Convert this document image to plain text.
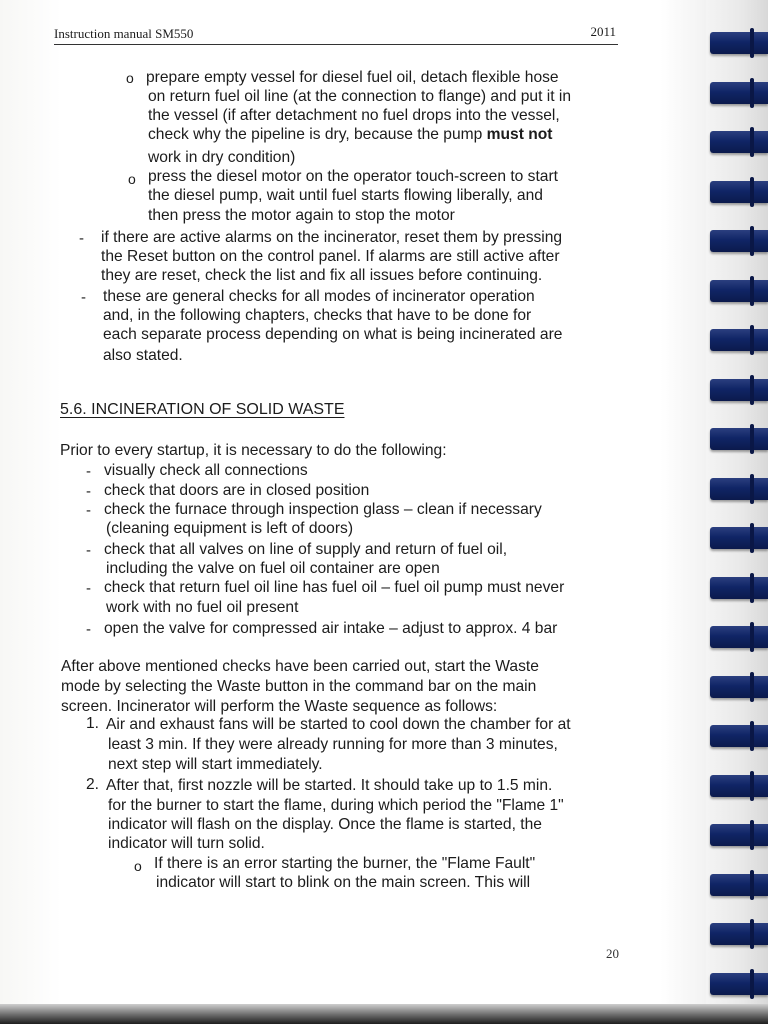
Instruction manual SM550	2011
o prepare empty vessel for diesel fuel oil, detach flexible hose
on return fuel oil line (at the connection to flange) and put it in
the vessel (if after detachment no fuel drops into the vessel,
check why the pipeline is dry, because the pump must not
work in dry condition)
o press the diesel motor on the operator touch-screen to start
the diesel pump, wait until fuel starts flowing liberally, and
then press the motor again to stop the motor
- if there are active alarms on the incinerator, reset them by pressing
the Reset button on the control panel. If alarms are still active after
they are reset, check the list and fix all issues before continuing.
- these are general checks for all modes of incinerator operation
and, in the following chapters, checks that have to be done for
each separate process depending on what is being incinerated are
also stated.
5.6. INCINERATION OF SOLID WASTE
Prior to every startup, it is necessary to do the following:
- visually check all connections
- check that doors are in closed position
- check the furnace through inspection glass – clean if necessary
(cleaning equipment is left of doors)
- check that all valves on line of supply and return of fuel oil,
including the valve on fuel oil container are open
- check that return fuel oil line has fuel oil – fuel oil pump must never
work with no fuel oil present
- open the valve for compressed air intake – adjust to approx. 4 bar
After above mentioned checks have been carried out, start the Waste
mode by selecting the Waste button in the command bar on the main
screen. Incinerator will perform the Waste sequence as follows:
1. Air and exhaust fans will be started to cool down the chamber for at
least 3 min. If they were already running for more than 3 minutes,
next step will start immediately.
2. After that, first nozzle will be started. It should take up to 1.5 min.
for the burner to start the flame, during which period the "Flame 1"
indicator will flash on the display. Once the flame is started, the
indicator will turn solid.
o If there is an error starting the burner, the "Flame Fault"
indicator will start to blink on the main screen. This will
20
